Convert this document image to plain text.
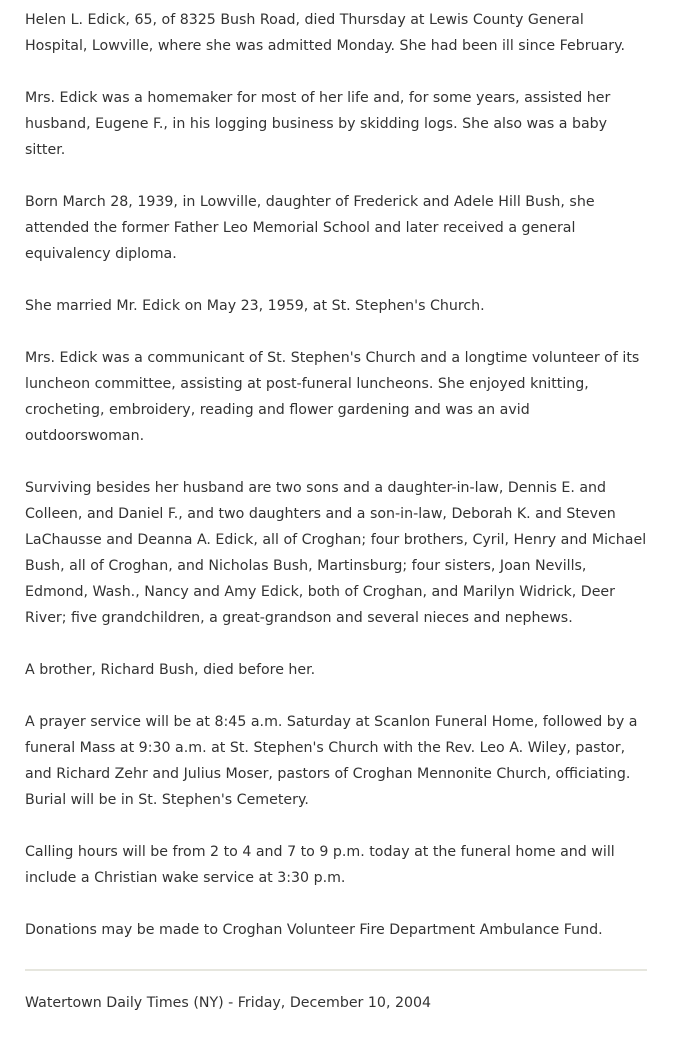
Helen L. Edick, 65, of 8325 Bush Road, died Thursday at Lewis County General Hospital, Lowville, where she was admitted Monday. She had been ill since February.

Mrs. Edick was a homemaker for most of her life and, for some years, assisted her husband, Eugene F., in his logging business by skidding logs. She also was a baby sitter.

Born March 28, 1939, in Lowville, daughter of Frederick and Adele Hill Bush, she attended the former Father Leo Memorial School and later received a general equivalency diploma.

She married Mr. Edick on May 23, 1959, at St. Stephen's Church.

Mrs. Edick was a communicant of St. Stephen's Church and a longtime volunteer of its luncheon committee, assisting at post-funeral luncheons. She enjoyed knitting, crocheting, embroidery, reading and flower gardening and was an avid outdoorswoman.

Surviving besides her husband are two sons and a daughter-in-law, Dennis E. and Colleen, and Daniel F., and two daughters and a son-in-law, Deborah K. and Steven LaChausse and Deanna A. Edick, all of Croghan; four brothers, Cyril, Henry and Michael Bush, all of Croghan, and Nicholas Bush, Martinsburg; four sisters, Joan Nevills, Edmond, Wash., Nancy and Amy Edick, both of Croghan, and Marilyn Widrick, Deer River; five grandchildren, a great-grandson and several nieces and nephews.

A brother, Richard Bush, died before her.

A prayer service will be at 8:45 a.m. Saturday at Scanlon Funeral Home, followed by a funeral Mass at 9:30 a.m. at St. Stephen's Church with the Rev. Leo A. Wiley, pastor, and Richard Zehr and Julius Moser, pastors of Croghan Mennonite Church, officiating. Burial will be in St. Stephen's Cemetery.

Calling hours will be from 2 to 4 and 7 to 9 p.m. today at the funeral home and will include a Christian wake service at 3:30 p.m.

Donations may be made to Croghan Volunteer Fire Department Ambulance Fund.

Watertown Daily Times (NY) - Friday, December 10, 2004
